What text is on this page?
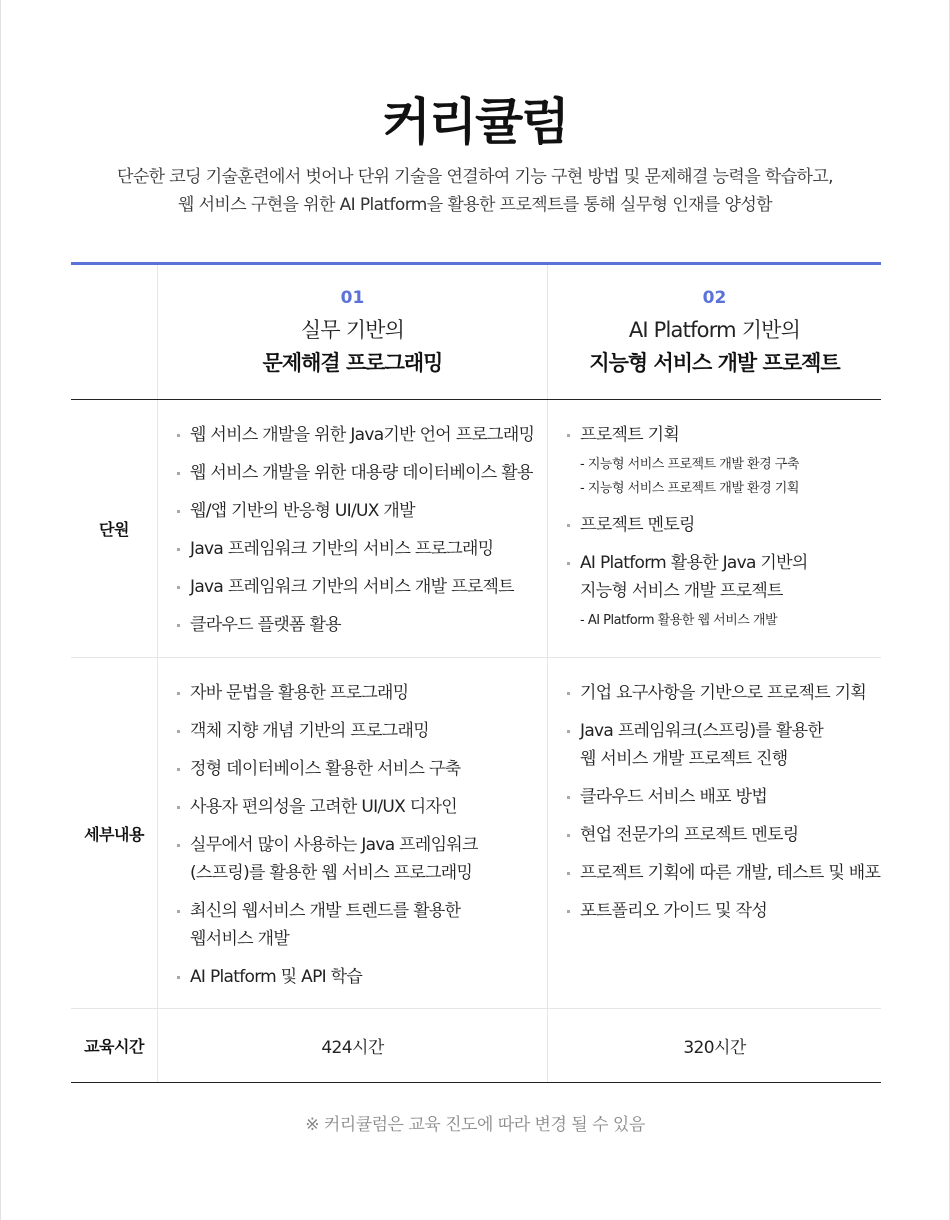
커리큘럼
단순한 코딩 기술훈련에서 벗어나 단위 기술을 연결하여 기능 구현 방법 및 문제해결 능력을 학습하고,
웹 서비스 구현을 위한 AI Platform을 활용한 프로젝트를 통해 실무형 인재를 양성함
01
실무 기반의
문제해결 프로그래밍
02
AI Platform 기반의
지능형 서비스 개발 프로젝트
단원
웹 서비스 개발을 위한 Java기반 언어 프로그래밍
웹 서비스 개발을 위한 대용량 데이터베이스 활용
웹/앱 기반의 반응형 UI/UX 개발
Java 프레임워크 기반의 서비스 프로그래밍
Java 프레임워크 기반의 서비스 개발 프로젝트
클라우드 플랫폼 활용
프로젝트 기획
- 지능형 서비스 프로젝트 개발 환경 구축
- 지능형 서비스 프로젝트 개발 환경 기획
프로젝트 멘토링
AI Platform 활용한 Java 기반의
지능형 서비스 개발 프로젝트
- AI Platform 활용한 웹 서비스 개발
세부내용
자바 문법을 활용한 프로그래밍
객체 지향 개념 기반의 프로그래밍
정형 데이터베이스 활용한 서비스 구축
사용자 편의성을 고려한 UI/UX 디자인
실무에서 많이 사용하는 Java 프레임워크
(스프링)를 활용한 웹 서비스 프로그래밍
최신의 웹서비스 개발 트렌드를 활용한
웹서비스 개발
AI Platform 및 API 학습
기업 요구사항을 기반으로 프로젝트 기획
Java 프레임워크(스프링)를 활용한
웹 서비스 개발 프로젝트 진행
클라우드 서비스 배포 방법
현업 전문가의 프로젝트 멘토링
프로젝트 기획에 따른 개발, 테스트 및 배포
포트폴리오 가이드 및 작성
교육시간	424시간	320시간
※ 커리큘럼은 교육 진도에 따라 변경 될 수 있음
